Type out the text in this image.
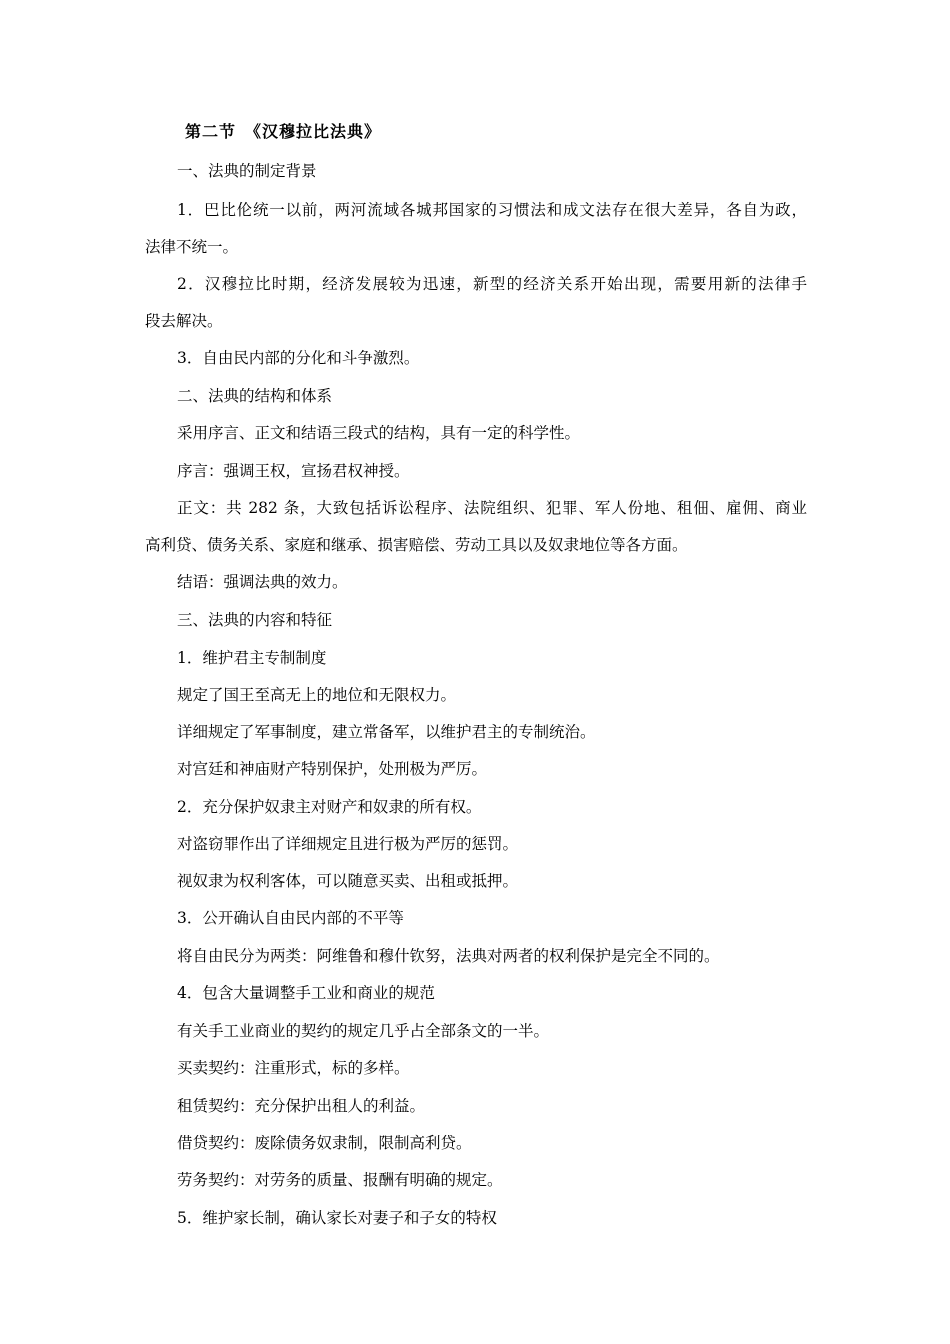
第二节　《汉穆拉比法典》
一、法典的制定背景
1．巴比伦统一以前，两河流域各城邦国家的习惯法和成文法存在很大差异，各自为政，
法律不统一。
2．汉穆拉比时期，经济发展较为迅速，新型的经济关系开始出现，需要用新的法律手
段去解决。
3．自由民内部的分化和斗争激烈。
二、法典的结构和体系
采用序言、正文和结语三段式的结构，具有一定的科学性。
序言：强调王权，宣扬君权神授。
正文：共 282 条，大致包括诉讼程序、法院组织、犯罪、军人份地、租佃、雇佣、商业
高利贷、债务关系、家庭和继承、损害赔偿、劳动工具以及奴隶地位等各方面。
结语：强调法典的效力。
三、法典的内容和特征
1．维护君主专制制度
规定了国王至高无上的地位和无限权力。
详细规定了军事制度，建立常备军，以维护君主的专制统治。
对宫廷和神庙财产特别保护，处刑极为严厉。
2．充分保护奴隶主对财产和奴隶的所有权。
对盗窃罪作出了详细规定且进行极为严厉的惩罚。
视奴隶为权利客体，可以随意买卖、出租或抵押。
3．公开确认自由民内部的不平等
将自由民分为两类：阿维鲁和穆什钦努，法典对两者的权利保护是完全不同的。
4．包含大量调整手工业和商业的规范
有关手工业商业的契约的规定几乎占全部条文的一半。
买卖契约：注重形式，标的多样。
租赁契约：充分保护出租人的利益。
借贷契约：废除债务奴隶制，限制高利贷。
劳务契约：对劳务的质量、报酬有明确的规定。
5．维护家长制，确认家长对妻子和子女的特权
